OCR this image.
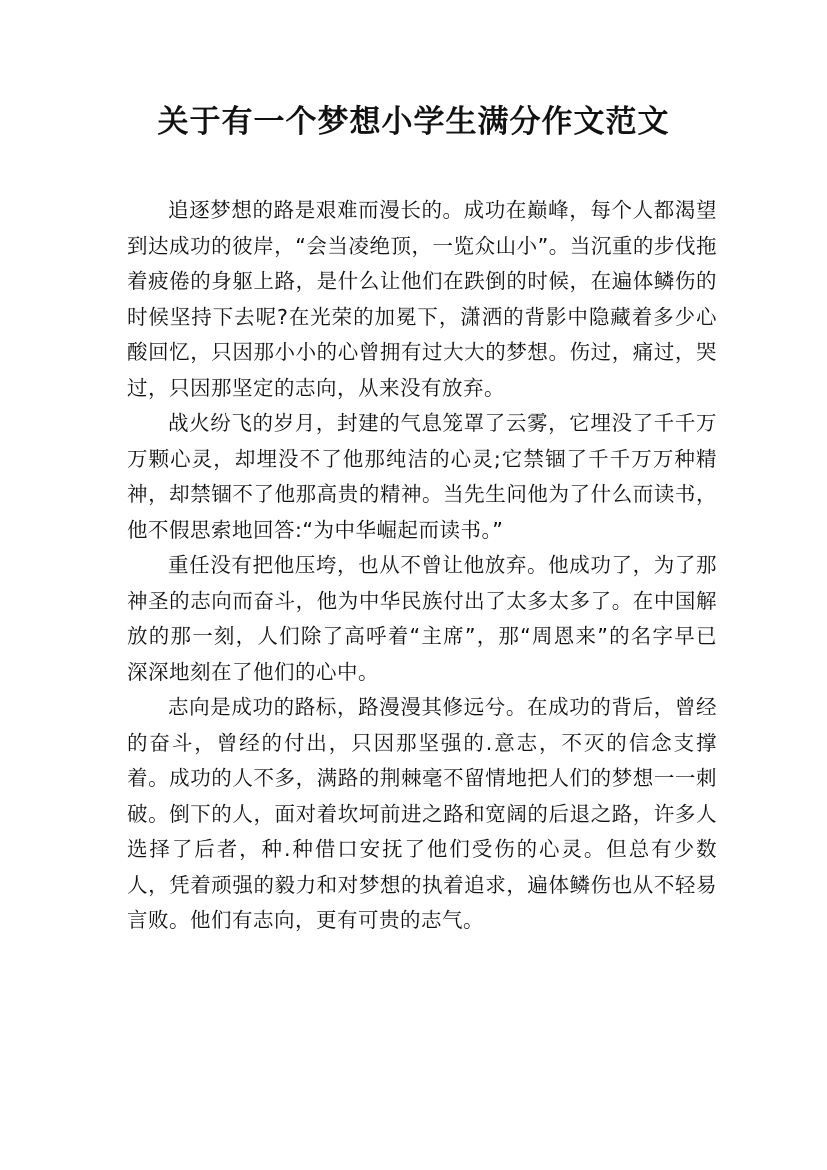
关于有一个梦想小学生满分作文范文

追逐梦想的路是艰难而漫长的。成功在巅峰，每个人都渴望到达成功的彼岸，“会当凌绝顶，一览众山小”。当沉重的步伐拖着疲倦的身躯上路，是什么让他们在跌倒的时候，在遍体鳞伤的时候坚持下去呢?在光荣的加冕下，潇洒的背影中隐藏着多少心酸回忆，只因那小小的心曾拥有过大大的梦想。伤过，痛过，哭过，只因那坚定的志向，从来没有放弃。

战火纷飞的岁月，封建的气息笼罩了云雾，它埋没了千千万万颗心灵，却埋没不了他那纯洁的心灵;它禁锢了千千万万种精神，却禁锢不了他那高贵的精神。当先生问他为了什么而读书，他不假思索地回答:“为中华崛起而读书。”

重任没有把他压垮，也从不曾让他放弃。他成功了，为了那神圣的志向而奋斗，他为中华民族付出了太多太多了。在中国解放的那一刻，人们除了高呼着“主席”，那“周恩来”的名字早已深深地刻在了他们的心中。

志向是成功的路标，路漫漫其修远兮。在成功的背后，曾经的奋斗，曾经的付出，只因那坚强的.意志，不灭的信念支撑着。成功的人不多，满路的荆棘毫不留情地把人们的梦想一一刺破。倒下的人，面对着坎坷前进之路和宽阔的后退之路，许多人选择了后者，种.种借口安抚了他们受伤的心灵。但总有少数人，凭着顽强的毅力和对梦想的执着追求，遍体鳞伤也从不轻易言败。他们有志向，更有可贵的志气。
